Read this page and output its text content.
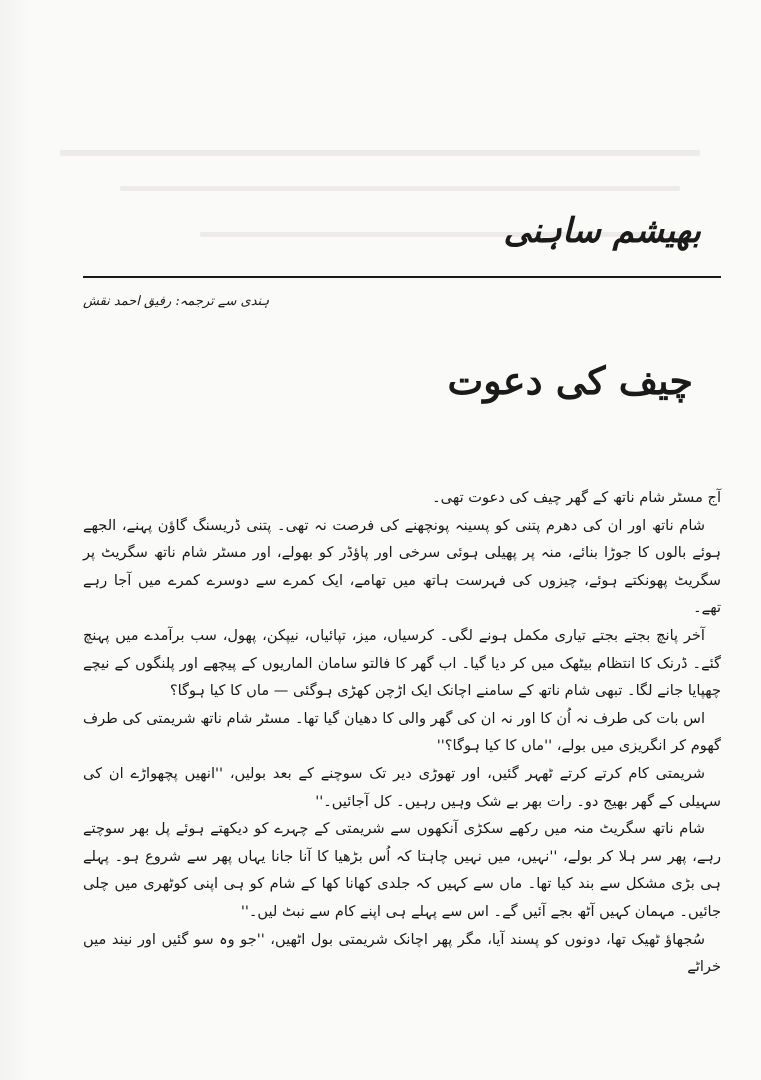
بھیشم ساہنی

ہندی سے ترجمہ: رفیق احمد نقش

چیف کی دعوت

آج مسٹر شام ناتھ کے گھر چیف کی دعوت تھی۔

شام ناتھ اور ان کی دھرم پتنی کو پسینہ پونچھنے کی فرصت نہ تھی۔ پتنی ڈریسنگ گاؤن پہنے، الجھے ہوئے بالوں کا جوڑا بنائے، منہ پر پھیلی ہوئی سرخی اور پاؤڈر کو بھولے، اور مسٹر شام ناتھ سگریٹ پر سگریٹ پھونکتے ہوئے، چیزوں کی فہرست ہاتھ میں تھامے، ایک کمرے سے دوسرے کمرے میں آجا رہے تھے۔

آخر پانچ بجتے بجتے تیاری مکمل ہونے لگی۔ کرسیاں، میز، تپائیاں، نیپکن، پھول، سب برآمدے میں پہنچ گئے۔ ڈرنک کا انتظام بیٹھک میں کر دیا گیا۔ اب گھر کا فالتو سامان الماریوں کے پیچھے اور پلنگوں کے نیچے چھپایا جانے لگا۔ تبھی شام ناتھ کے سامنے اچانک ایک اڑچن کھڑی ہوگئی — ماں کا کیا ہوگا؟

اس بات کی طرف نہ اُن کا اور نہ ان کی گھر والی کا دھیان گیا تھا۔ مسٹر شام ناتھ شریمتی کی طرف گھوم کر انگریزی میں بولے، ''ماں کا کیا ہوگا؟''

شریمتی کام کرتے کرتے ٹھہر گئیں، اور تھوڑی دیر تک سوچنے کے بعد بولیں، ''انھیں پچھواڑے ان کی سہیلی کے گھر بھیج دو۔ رات بھر بے شک وہیں رہیں۔ کل آجائیں۔''

شام ناتھ سگریٹ منہ میں رکھے سکڑی آنکھوں سے شریمتی کے چہرے کو دیکھتے ہوئے پل بھر سوچتے رہے، پھر سر ہلا کر بولے، ''نہیں، میں نہیں چاہتا کہ اُس بڑھیا کا آنا جانا یہاں پھر سے شروع ہو۔ پہلے ہی بڑی مشکل سے بند کیا تھا۔ ماں سے کہیں کہ جلدی کھانا کھا کے شام کو ہی اپنی کوٹھری میں چلی جائیں۔ مہمان کہیں آٹھ بجے آئیں گے۔ اس سے پہلے ہی اپنے کام سے نبٹ لیں۔''

سُجھاؤ ٹھیک تھا، دونوں کو پسند آیا، مگر پھر اچانک شریمتی بول اٹھیں، ''جو وہ سو گئیں اور نیند میں خراٹے
